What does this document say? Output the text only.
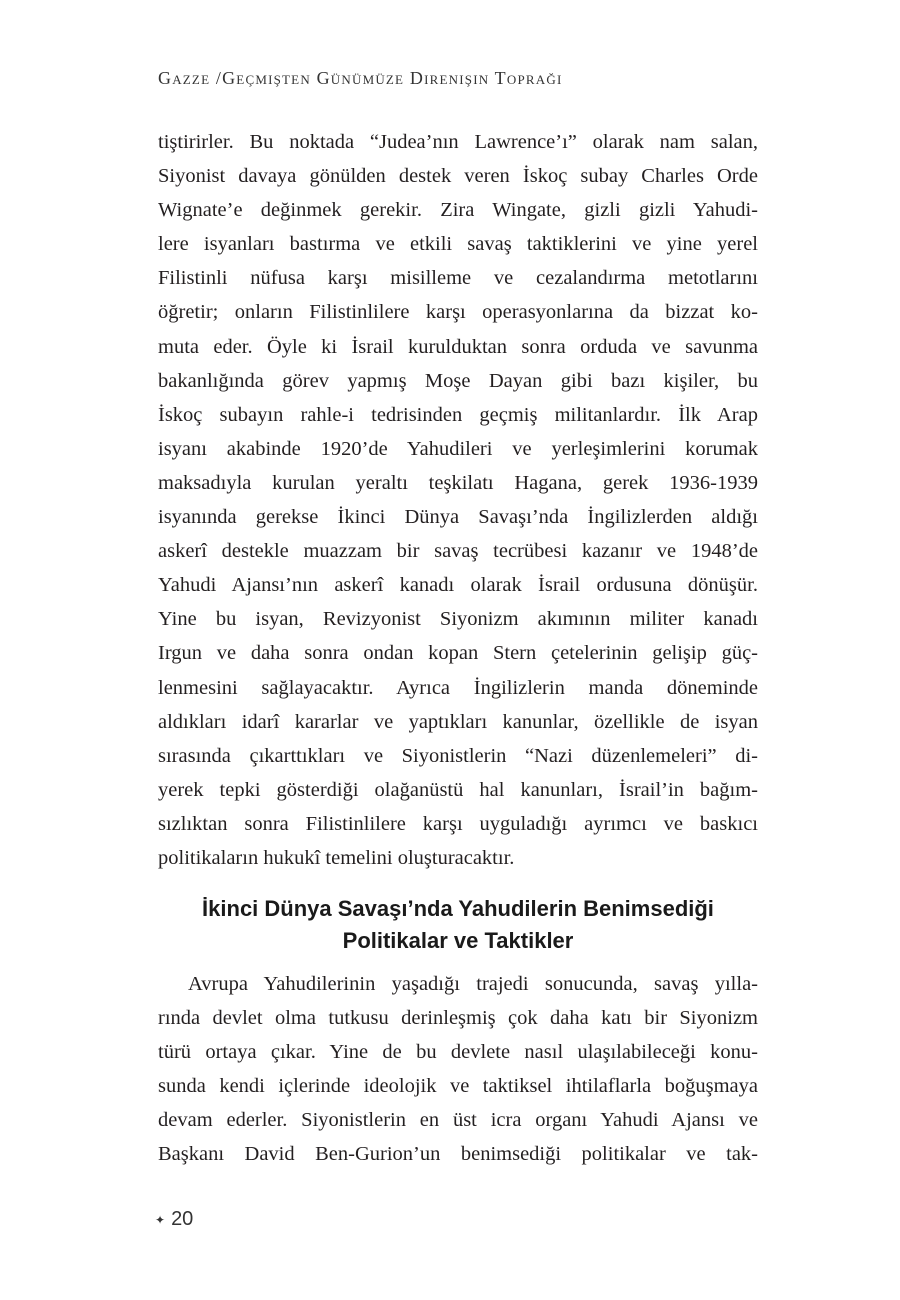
Gazze /Geçmişten Günümüze Direnişin Toprağı
tiştirirler. Bu noktada “Judea’nın Lawrence’ı” olarak nam salan,
Siyonist davaya gönülden destek veren İskoç subay Charles Orde
Wignate’e değinmek gerekir. Zira Wingate, gizli gizli Yahudi-
lere isyanları bastırma ve etkili savaş taktiklerini ve yine yerel
Filistinli nüfusa karşı misilleme ve cezalandırma metotlarını
öğretir; onların Filistinlilere karşı operasyonlarına da bizzat ko-
muta eder. Öyle ki İsrail kurulduktan sonra orduda ve savunma
bakanlığında görev yapmış Moşe Dayan gibi bazı kişiler, bu
İskoç subayın rahle-i tedrisinden geçmiş militanlardır. İlk Arap
isyanı akabinde 1920’de Yahudileri ve yerleşimlerini korumak
maksadıyla kurulan yeraltı teşkilatı Hagana, gerek 1936-1939
isyanında gerekse İkinci Dünya Savaşı’nda İngilizlerden aldığı
askerî destekle muazzam bir savaş tecrübesi kazanır ve 1948’de
Yahudi Ajansı’nın askerî kanadı olarak İsrail ordusuna dönüşür.
Yine bu isyan, Revizyonist Siyonizm akımının militer kanadı
Irgun ve daha sonra ondan kopan Stern çetelerinin gelişip güç-
lenmesini sağlayacaktır. Ayrıca İngilizlerin manda döneminde
aldıkları idarî kararlar ve yaptıkları kanunlar, özellikle de isyan
sırasında çıkarttıkları ve Siyonistlerin “Nazi düzenlemeleri” di-
yerek tepki gösterdiği olağanüstü hal kanunları, İsrail’in bağım-
sızlıktan sonra Filistinlilere karşı uyguladığı ayrımcı ve baskıcı
politikaların hukukî temelini oluşturacaktır.
İkinci Dünya Savaşı’nda Yahudilerin Benimsediği
Politikalar ve Taktikler
Avrupa Yahudilerinin yaşadığı trajedi sonucunda, savaş yılla-
rında devlet olma tutkusu derinleşmiş çok daha katı bir Siyonizm
türü ortaya çıkar. Yine de bu devlete nasıl ulaşılabileceği konu-
sunda kendi içlerinde ideolojik ve taktiksel ihtilaflarla boğuşmaya
devam ederler. Siyonistlerin en üst icra organı Yahudi Ajansı ve
Başkanı David Ben-Gurion’un benimsediği politikalar ve tak-
✦ 20
